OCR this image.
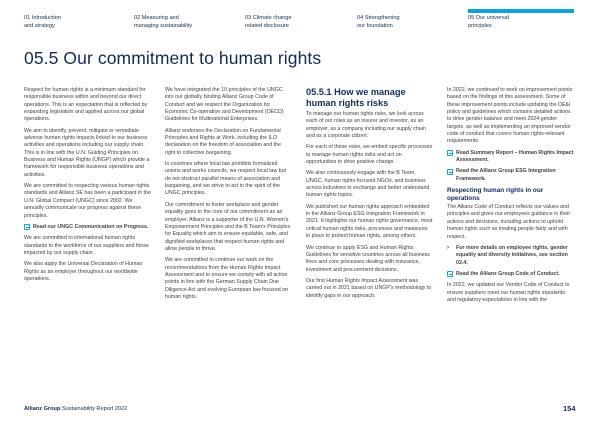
01 Introduction
and strategy
02 Measuring and
managing sustainability
03 Climate change
related disclosure
04 Strengthening
our foundation
05 Our universal
principles
05.5 Our commitment to human rights

Respect for human rights is a minimum standard for responsible business within and beyond our direct operations. This is an expectation that is reflected by expanding legislation and applied across our global operations.

We aim to identify, prevent, mitigate or remediate adverse human rights impacts linked to our business activities and operations including our supply chain. This is in line with the U.N. Guiding Principles on Business and Human Rights (UNGP) which provide a framework for responsible business operations and activities.

We are committed to respecting various human rights standards and Allianz SE has been a participant in the U.N. Global Compact (UNGC) since 2002. We annually communicate our progress against these principles.

Read our UNGC Communication on Progress.

We are committed to international human rights standards to the workforce of our suppliers and those impacted by our supply chain.

We also apply the Universal Declaration of Human Rights as an employer throughout our worldwide operations.

We have integrated the 10 principles of the UNGC into our globally binding Allianz Group Code of Conduct and we respect the Organization for Economic Co-operation and Development (OECD) Guidelines for Multinational Enterprises.

Allianz endorses the Declaration on Fundamental Principles and Rights at Work, including the ILO declaration on the freedom of association and the right to collective bargaining.

In countries where local law prohibits formalized unions and works councils, we respect local law but do not obstruct parallel means of association and bargaining, and we strive to act in the spirit of the UNGC principles.

Our commitment to foster workplace and gender equality goes to the core of our commitment as an employer. Allianz is a supporter of the U.N. Women's Empowerment Principles and the B Team's Principles for Equality which aim to ensure equitable, safe, and dignified workplaces that respect human rights and allow people to thrive.

We are committed to continue our work on the recommendations from the Human Rights Impact Assessment and to ensure we comply with all action points in line with the German Supply Chain Due Diligence Act and evolving European law focused on human rights.

05.5.1 How we manage human rights risks

To manage our human rights risks, we look across each of our roles as an insurer and investor, as an employer, as a company including our supply chain and as a corporate citizen.

For each of these roles, we embed specific processes to manage human rights risks and act on opportunities to drive positive change.

We also continuously engage with the B Team, UNGC, human rights-focused NGOs, and business across industries to exchange and better understand human rights topics.

We published our human rights approach embedded in the Allianz Group ESG Integration Framework in 2021. It highlights our human rights governance, most critical human rights risks, processes and measures in place to protect human rights, among others.

We continue to apply ESG and Human Rights Guidelines for sensitive countries across all business lines and core processes dealing with insurance, investment and procurement decisions.

Our first Human Rights Impact Assessment was carried out in 2021 based on UNGP's methodology to identify gaps in our approach.

In 2022, we continued to work on improvement points based on the findings of this assessment. Some of these improvement points include updating the DE&I policy and guidelines which contains detailed actions to drive gender balance and meet 2024 gender targets, as well as implementing an improved vendor code of conduct that covers human rights-relevant requirements.

Read Summary Report – Human Rights Impact Assessment.
Read the Allianz Group ESG Integration Framework.
Respecting human rights in our operations

The Allianz Code of Conduct reflects our values and principles and gives our employees guidance in their actions and decisions, including actions to uphold human rights such as treating people fairly and with respect.

›	For more details on employee rights, gender equality and diversity initiatives, see section 02.4.
Read the Allianz Group Code of Conduct.

In 2022, we updated our Vendor Code of Conduct to ensure suppliers meet our human rights standards and regulatory expectations in line with the

Allianz Group Sustainability Report 2022	154
